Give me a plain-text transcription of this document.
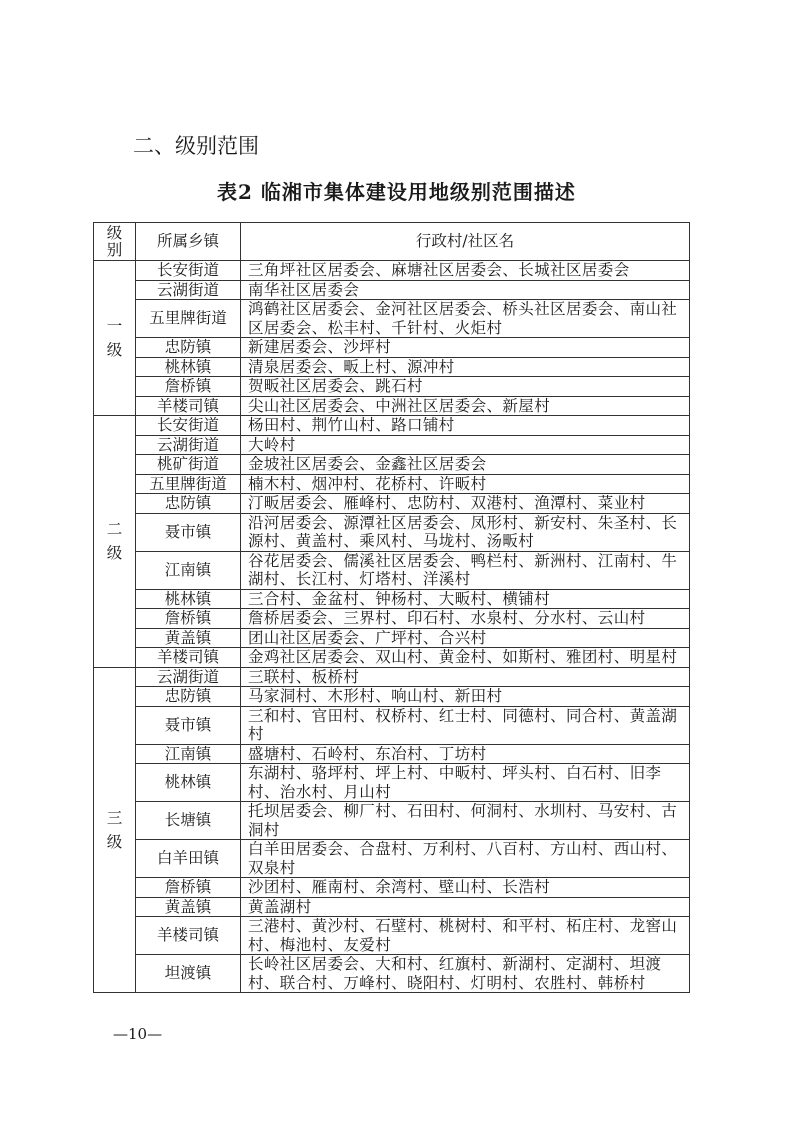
二、级别范围
表2 临湘市集体建设用地级别范围描述
级别	所属乡镇	行政村/社区名
一级	长安街道	三角坪社区居委会、麻塘社区居委会、长城社区居委会
	云湖街道	南华社区居委会
	五里牌街道	鸿鹤社区居委会、金河社区居委会、桥头社区居委会、南山社区居委会、松丰村、千针村、火炬村
	忠防镇	新建居委会、沙坪村
	桃林镇	清泉居委会、畈上村、源冲村
	詹桥镇	贺畈社区居委会、跳石村
	羊楼司镇	尖山社区居委会、中洲社区居委会、新屋村
二级	长安街道	杨田村、荆竹山村、路口铺村
	云湖街道	大岭村
	桃矿街道	金坡社区居委会、金鑫社区居委会
	五里牌街道	楠木村、烟冲村、花桥村、许畈村
	忠防镇	汀畈居委会、雁峰村、忠防村、双港村、渔潭村、菜业村
	聂市镇	沿河居委会、源潭社区居委会、凤形村、新安村、朱圣村、长源村、黄盖村、乘风村、马垅村、汤畈村
	江南镇	谷花居委会、儒溪社区居委会、鸭栏村、新洲村、江南村、牛湖村、长江村、灯塔村、洋溪村
	桃林镇	三合村、金盆村、钟杨村、大畈村、横铺村
	詹桥镇	詹桥居委会、三界村、印石村、水泉村、分水村、云山村
	黄盖镇	团山社区居委会、广坪村、合兴村
	羊楼司镇	金鸡社区居委会、双山村、黄金村、如斯村、雅团村、明星村
三级	云湖街道	三联村、板桥村
	忠防镇	马家洞村、木形村、响山村、新田村
	聂市镇	三和村、官田村、权桥村、红士村、同德村、同合村、黄盖湖村
	江南镇	盛塘村、石岭村、东冶村、丁坊村
	桃林镇	东湖村、骆坪村、坪上村、中畈村、坪头村、白石村、旧李村、治水村、月山村
	长塘镇	托坝居委会、柳厂村、石田村、何洞村、水圳村、马安村、古洞村
	白羊田镇	白羊田居委会、合盘村、万利村、八百村、方山村、西山村、双泉村
	詹桥镇	沙团村、雁南村、余湾村、壁山村、长浩村
	黄盖镇	黄盖湖村
	羊楼司镇	三港村、黄沙村、石壁村、桃树村、和平村、柘庄村、龙窖山村、梅池村、友爱村
	坦渡镇	长岭社区居委会、大和村、红旗村、新湖村、定湖村、坦渡村、联合村、万峰村、晓阳村、灯明村、农胜村、韩桥村
—10—
